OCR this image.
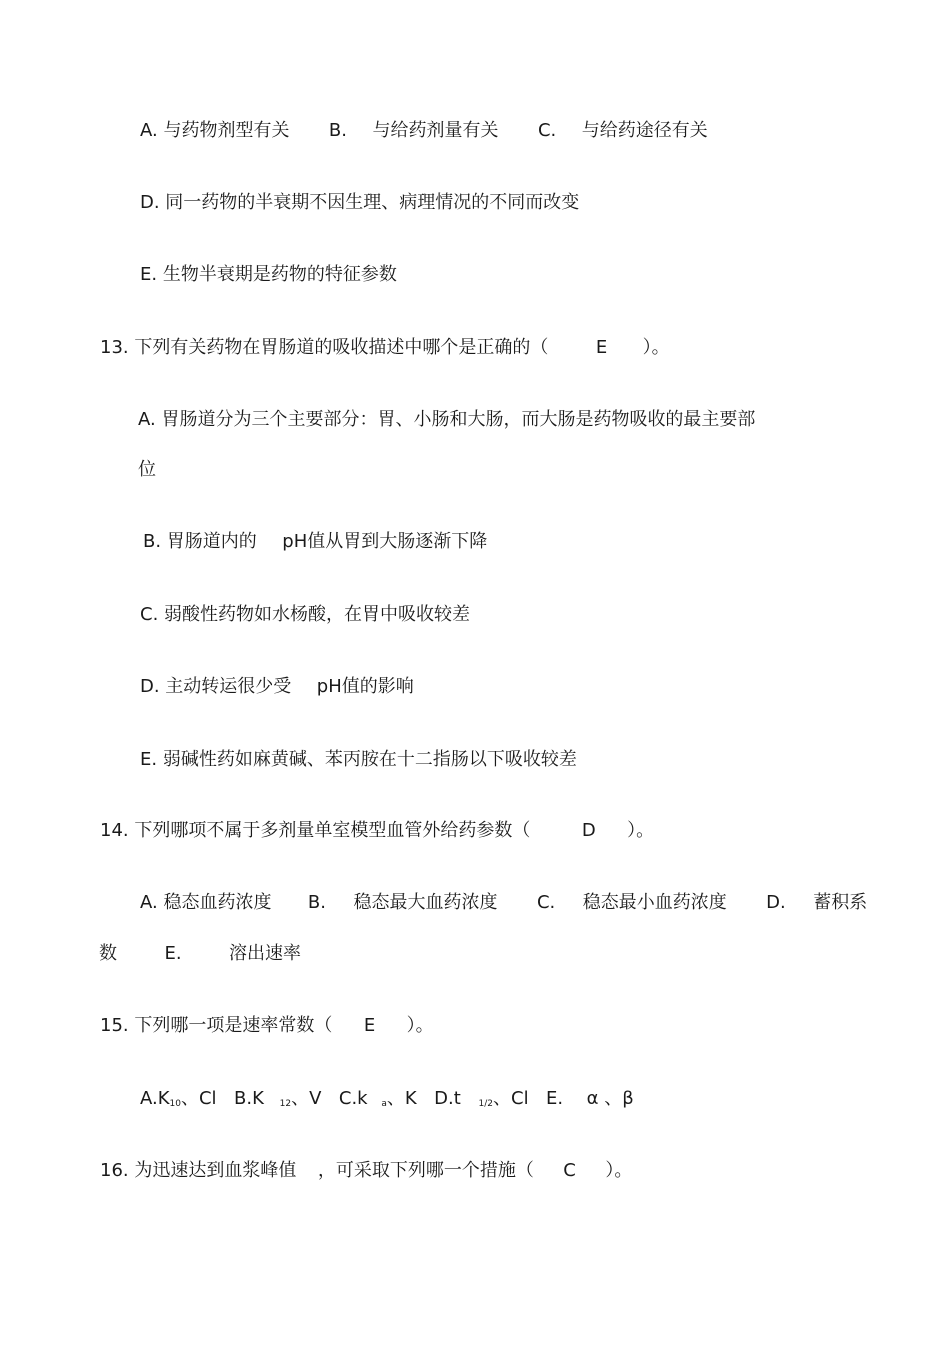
A. 与药物剂型有关 B. 与给药剂量有关 C. 与给药途径有关
D. 同一药物的半衰期不因生理、病理情况的不同而改变
E. 生物半衰期是药物的特征参数
13. 下列有关药物在胃肠道的吸收描述中哪个是正确的（	E ）。
A. 胃肠道分为三个主要部分：胃、小肠和大肠，而大肠是药物吸收的最主要部
位
B. 胃肠道内的 pH值从胃到大肠逐渐下降
C. 弱酸性药物如水杨酸，在胃中吸收较差
D. 主动转运很少受 pH值的影响
E. 弱碱性药如麻黄碱、苯丙胺在十二指肠以下吸收较差
14. 下列哪项不属于多剂量单室模型血管外给药参数（	D ）。
A. 稳态血药浓度 B. 稳态最大血药浓度 C. 稳态最小血药浓度 D. 蓄积系
数	E.	溶出速率
15. 下列哪一项是速率常数（ E ）。
$A.K_{10}$、Cl B.K $_{12}$、V C.k $_a$、K D.t $_{1/2}$、Cl E. α 、β
16. 为迅速达到血浆峰值 ，可采取下列哪一个措施（ C ）。
